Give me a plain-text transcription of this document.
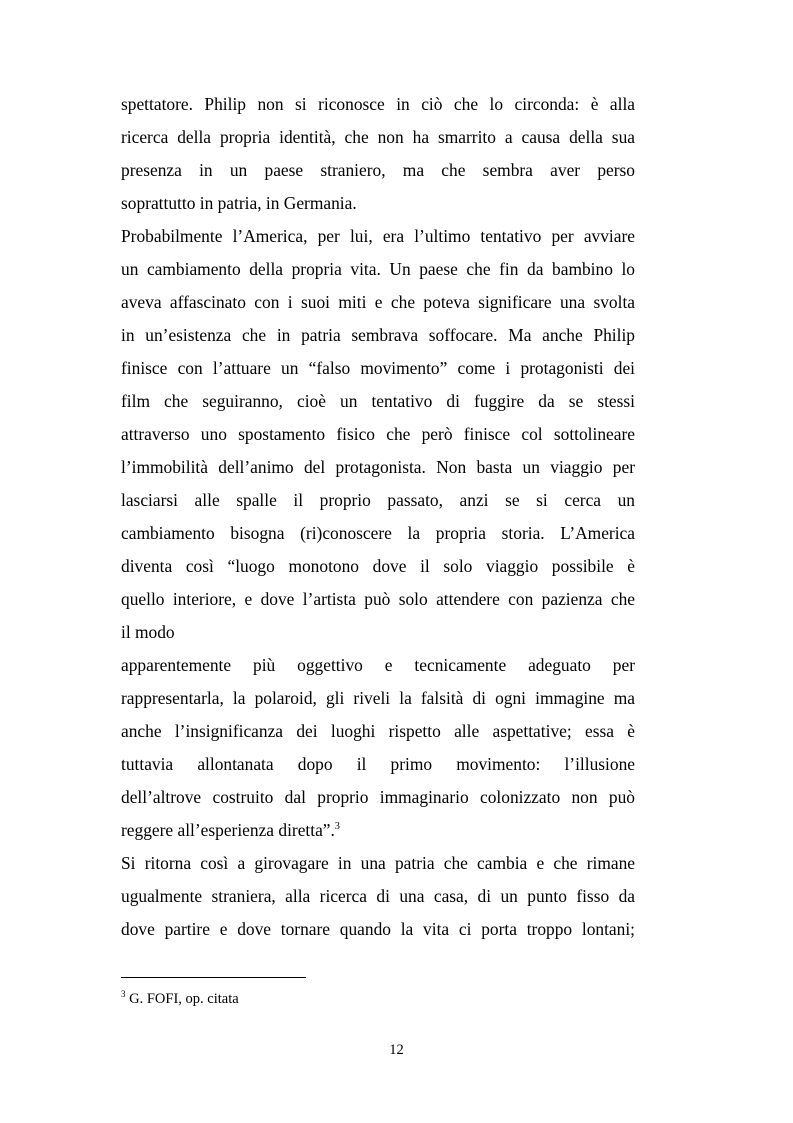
spettatore. Philip non si riconosce in ciò che lo circonda: è alla
ricerca della propria identità, che non ha smarrito a causa della sua
presenza in un paese straniero, ma che sembra aver perso
soprattutto in patria, in Germania.
Probabilmente l’America, per lui, era l’ultimo tentativo per avviare
un cambiamento della propria vita. Un paese che fin da bambino lo
aveva affascinato con i suoi miti e che poteva significare una svolta
in un’esistenza che in patria sembrava soffocare. Ma anche Philip
finisce con l’attuare un “falso movimento” come i protagonisti dei
film che seguiranno, cioè un tentativo di fuggire da se stessi
attraverso uno spostamento fisico che però finisce col sottolineare
l’immobilità dell’animo del protagonista. Non basta un viaggio per
lasciarsi alle spalle il proprio passato, anzi se si cerca un
cambiamento bisogna (ri)conoscere la propria storia. L’America
diventa così “luogo monotono dove il solo viaggio possibile è
quello interiore, e dove l’artista può solo attendere con pazienza che
il modo
apparentemente più oggettivo e tecnicamente adeguato per
rappresentarla, la polaroid, gli riveli la falsità di ogni immagine ma
anche l’insignificanza dei luoghi rispetto alle aspettative; essa è
tuttavia allontanata dopo il primo movimento: l’illusione
dell’altrove costruito dal proprio immaginario colonizzato non può
reggere all’esperienza diretta”.$^3$
Si ritorna così a girovagare in una patria che cambia e che rimane
ugualmente straniera, alla ricerca di una casa, di un punto fisso da
dove partire e dove tornare quando la vita ci porta troppo lontani;
$^3$ G. FOFI, op. citata
12
